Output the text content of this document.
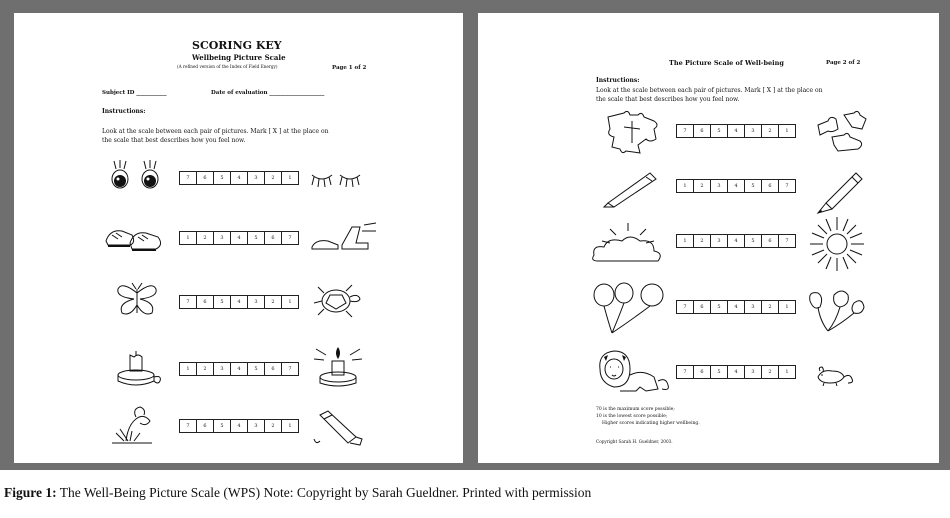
SCORING KEY
Wellbeing Picture Scale
(A refined version of the Index of Field Energy)	Page 1 of 2
Subject ID ___________	Date of evaluation ____________________
Instructions:
Look at the scale between each pair of pictures. Mark [ X ] at the place on
the scale that best describes how you feel now.
7	6	5	4	3	2	1
1	2	3	4	5	6	7
7	6	5	4	3	2	1
1	2	3	4	5	6	7
7	6	5	4	3	2	1
The Picture Scale of Well-being	Page 2 of 2
Instructions:
Look at the scale between each pair of pictures. Mark [ X ] at the place on
the scale that best describes how you feel now.
7	6	5	4	3	2	1
1	2	3	4	5	6	7
1	2	3	4	5	6	7
7	6	5	4	3	2	1
7	6	5	4	3	2	1
70 is the maximum score possible;
10 is the lowest score possible;
Higher scores indicating higher wellbeing.
Copyright Sarah H. Gueldner, 2003.
Figure 1: The Well-Being Picture Scale (WPS) Note: Copyright by Sarah Gueldner. Printed with permission
